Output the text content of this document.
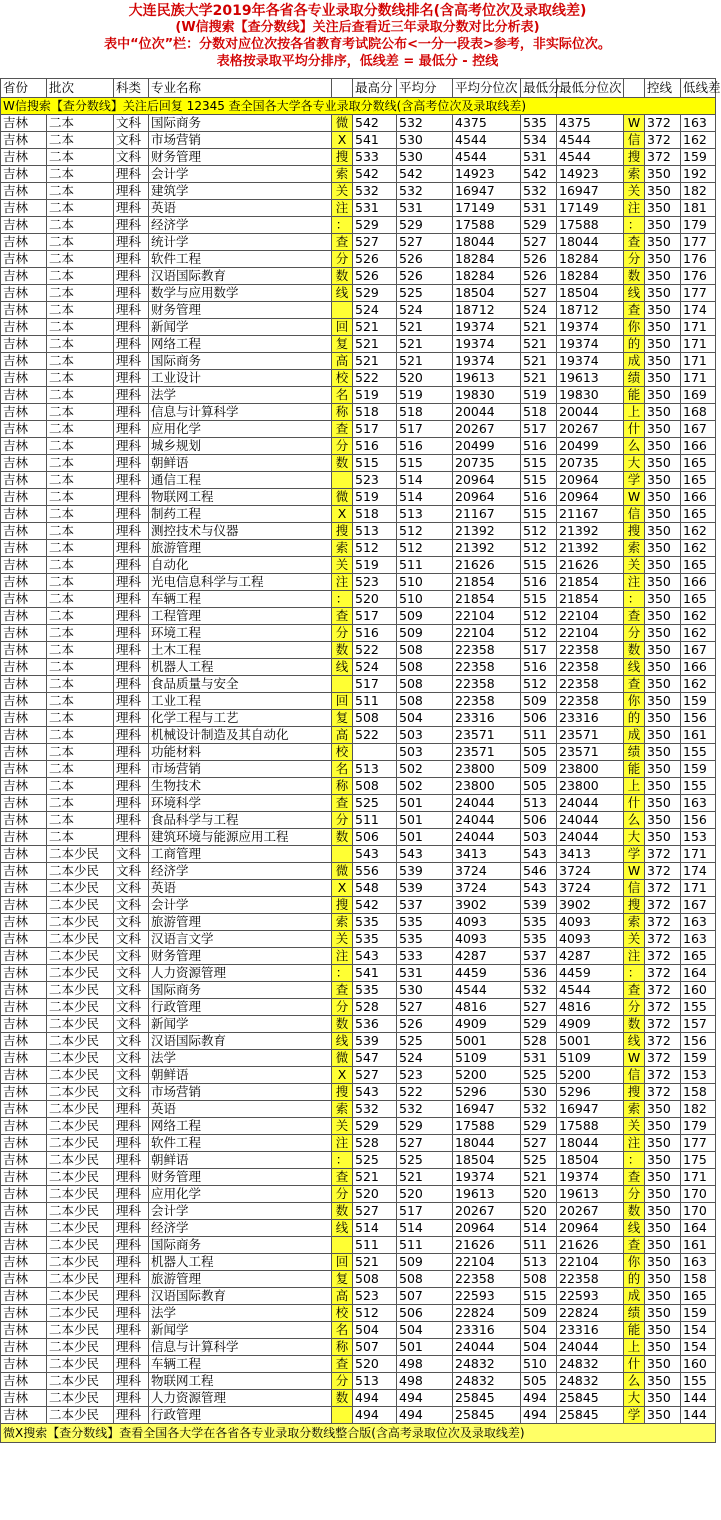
大连民族大学2019年各省各专业录取分数线排名(含高考位次及录取线差)
(W信搜索【查分数线】关注后查看近三年录取分数对比分析表)
表中“位次”栏：分数对应位次按各省教育考试院公布<一分一段表>参考，非实际位次。
表格按录取平均分排序，低线差 = 最低分 - 控线
省份	批次	科类	专业名称		最高分	平均分	平均分位次	最低分	最低分位次		控线	低线差
W信搜索【查分数线】关注后回复 12345 查全国各大学各专业录取分数线(含高考位次及录取线差)												
吉林	二本	文科	国际商务	微	542	532	4375	535	4375	W	372	163
吉林	二本	文科	市场营销	X	541	530	4544	534	4544	信	372	162
吉林	二本	文科	财务管理	搜	533	530	4544	531	4544	搜	372	159
吉林	二本	理科	会计学	索	542	542	14923	542	14923	索	350	192
吉林	二本	理科	建筑学	关	532	532	16947	532	16947	关	350	182
吉林	二本	理科	英语	注	531	531	17149	531	17149	注	350	181
吉林	二本	理科	经济学	：	529	529	17588	529	17588	：	350	179
吉林	二本	理科	统计学	查	527	527	18044	527	18044	查	350	177
吉林	二本	理科	软件工程	分	526	526	18284	526	18284	分	350	176
吉林	二本	理科	汉语国际教育	数	526	526	18284	526	18284	数	350	176
吉林	二本	理科	数学与应用数学	线	529	525	18504	527	18504	线	350	177
吉林	二本	理科	财务管理		524	524	18712	524	18712	查	350	174
吉林	二本	理科	新闻学	回	521	521	19374	521	19374	你	350	171
吉林	二本	理科	网络工程	复	521	521	19374	521	19374	的	350	171
吉林	二本	理科	国际商务	高	521	521	19374	521	19374	成	350	171
吉林	二本	理科	工业设计	校	522	520	19613	521	19613	绩	350	171
吉林	二本	理科	法学	名	519	519	19830	519	19830	能	350	169
吉林	二本	理科	信息与计算科学	称	518	518	20044	518	20044	上	350	168
吉林	二本	理科	应用化学	查	517	517	20267	517	20267	什	350	167
吉林	二本	理科	城乡规划	分	516	516	20499	516	20499	么	350	166
吉林	二本	理科	朝鲜语	数	515	515	20735	515	20735	大	350	165
吉林	二本	理科	通信工程		523	514	20964	515	20964	学	350	165
吉林	二本	理科	物联网工程	微	519	514	20964	516	20964	W	350	166
吉林	二本	理科	制药工程	X	518	513	21167	515	21167	信	350	165
吉林	二本	理科	测控技术与仪器	搜	513	512	21392	512	21392	搜	350	162
吉林	二本	理科	旅游管理	索	512	512	21392	512	21392	索	350	162
吉林	二本	理科	自动化	关	519	511	21626	515	21626	关	350	165
吉林	二本	理科	光电信息科学与工程	注	523	510	21854	516	21854	注	350	166
吉林	二本	理科	车辆工程	：	520	510	21854	515	21854	：	350	165
吉林	二本	理科	工程管理	查	517	509	22104	512	22104	查	350	162
吉林	二本	理科	环境工程	分	516	509	22104	512	22104	分	350	162
吉林	二本	理科	土木工程	数	522	508	22358	517	22358	数	350	167
吉林	二本	理科	机器人工程	线	524	508	22358	516	22358	线	350	166
吉林	二本	理科	食品质量与安全		517	508	22358	512	22358	查	350	162
吉林	二本	理科	工业工程	回	511	508	22358	509	22358	你	350	159
吉林	二本	理科	化学工程与工艺	复	508	504	23316	506	23316	的	350	156
吉林	二本	理科	机械设计制造及其自动化	高	522	503	23571	511	23571	成	350	161
吉林	二本	理科	功能材料	校		503	23571	505	23571	绩	350	155
吉林	二本	理科	市场营销	名	513	502	23800	509	23800	能	350	159
吉林	二本	理科	生物技术	称	508	502	23800	505	23800	上	350	155
吉林	二本	理科	环境科学	查	525	501	24044	513	24044	什	350	163
吉林	二本	理科	食品科学与工程	分	511	501	24044	506	24044	么	350	156
吉林	二本	理科	建筑环境与能源应用工程	数	506	501	24044	503	24044	大	350	153
吉林	二本少民	文科	工商管理		543	543	3413	543	3413	学	372	171
吉林	二本少民	文科	经济学	微	556	539	3724	546	3724	W	372	174
吉林	二本少民	文科	英语	X	548	539	3724	543	3724	信	372	171
吉林	二本少民	文科	会计学	搜	542	537	3902	539	3902	搜	372	167
吉林	二本少民	文科	旅游管理	索	535	535	4093	535	4093	索	372	163
吉林	二本少民	文科	汉语言文学	关	535	535	4093	535	4093	关	372	163
吉林	二本少民	文科	财务管理	注	543	533	4287	537	4287	注	372	165
吉林	二本少民	文科	人力资源管理	：	541	531	4459	536	4459	：	372	164
吉林	二本少民	文科	国际商务	查	535	530	4544	532	4544	查	372	160
吉林	二本少民	文科	行政管理	分	528	527	4816	527	4816	分	372	155
吉林	二本少民	文科	新闻学	数	536	526	4909	529	4909	数	372	157
吉林	二本少民	文科	汉语国际教育	线	539	525	5001	528	5001	线	372	156
吉林	二本少民	文科	法学	微	547	524	5109	531	5109	W	372	159
吉林	二本少民	文科	朝鲜语	X	527	523	5200	525	5200	信	372	153
吉林	二本少民	文科	市场营销	搜	543	522	5296	530	5296	搜	372	158
吉林	二本少民	理科	英语	索	532	532	16947	532	16947	索	350	182
吉林	二本少民	理科	网络工程	关	529	529	17588	529	17588	关	350	179
吉林	二本少民	理科	软件工程	注	528	527	18044	527	18044	注	350	177
吉林	二本少民	理科	朝鲜语	：	525	525	18504	525	18504	：	350	175
吉林	二本少民	理科	财务管理	查	521	521	19374	521	19374	查	350	171
吉林	二本少民	理科	应用化学	分	520	520	19613	520	19613	分	350	170
吉林	二本少民	理科	会计学	数	527	517	20267	520	20267	数	350	170
吉林	二本少民	理科	经济学	线	514	514	20964	514	20964	线	350	164
吉林	二本少民	理科	国际商务		511	511	21626	511	21626	查	350	161
吉林	二本少民	理科	机器人工程	回	521	509	22104	513	22104	你	350	163
吉林	二本少民	理科	旅游管理	复	508	508	22358	508	22358	的	350	158
吉林	二本少民	理科	汉语国际教育	高	523	507	22593	515	22593	成	350	165
吉林	二本少民	理科	法学	校	512	506	22824	509	22824	绩	350	159
吉林	二本少民	理科	新闻学	名	504	504	23316	504	23316	能	350	154
吉林	二本少民	理科	信息与计算科学	称	507	501	24044	504	24044	上	350	154
吉林	二本少民	理科	车辆工程	查	520	498	24832	510	24832	什	350	160
吉林	二本少民	理科	物联网工程	分	513	498	24832	505	24832	么	350	155
吉林	二本少民	理科	人力资源管理	数	494	494	25845	494	25845	大	350	144
吉林	二本少民	理科	行政管理		494	494	25845	494	25845	学	350	144
微X搜索【查分数线】查看全国各大学在各省各专业录取分数线整合版(含高考录取位次及录取线差)												
